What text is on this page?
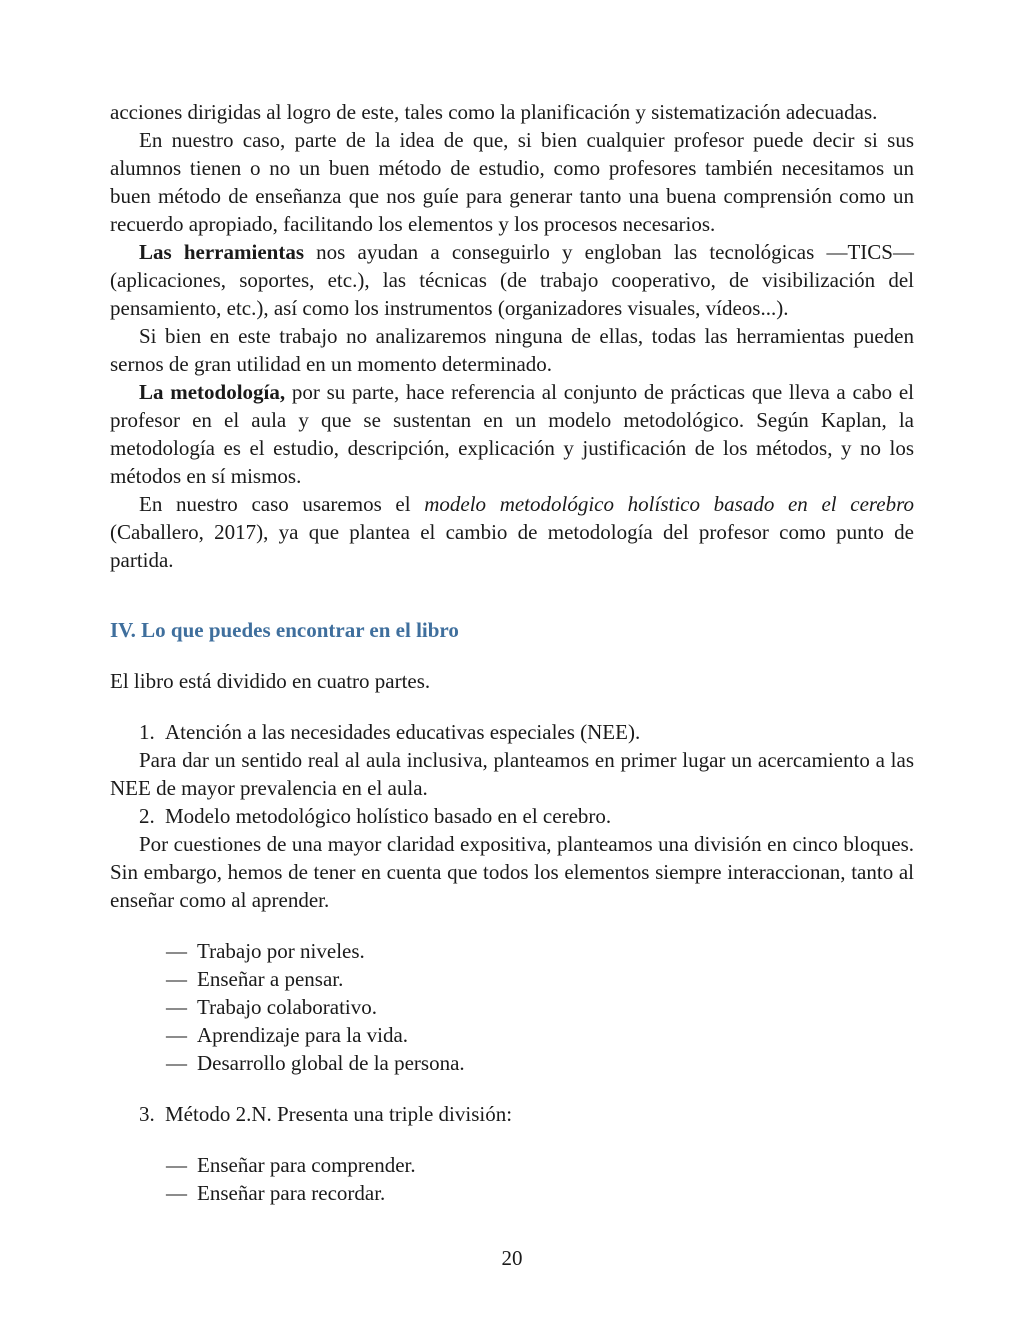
acciones dirigidas al logro de este, tales como la planificación y sistematización adecuadas.

En nuestro caso, parte de la idea de que, si bien cualquier profesor puede decir si sus alumnos tienen o no un buen método de estudio, como profesores también necesitamos un buen método de enseñanza que nos guíe para generar tanto una buena comprensión como un recuerdo apropiado, facilitando los elementos y los procesos necesarios.

Las herramientas nos ayudan a conseguirlo y engloban las tecnológicas —TICS— (aplicaciones, soportes, etc.), las técnicas (de trabajo cooperativo, de visibilización del pensamiento, etc.), así como los instrumentos (organizadores visuales, vídeos...).

Si bien en este trabajo no analizaremos ninguna de ellas, todas las herramientas pueden sernos de gran utilidad en un momento determinado.

La metodología, por su parte, hace referencia al conjunto de prácticas que lleva a cabo el profesor en el aula y que se sustentan en un modelo metodológico. Según Kaplan, la metodología es el estudio, descripción, explicación y justificación de los métodos, y no los métodos en sí mismos.

En nuestro caso usaremos el modelo metodológico holístico basado en el cerebro (Caballero, 2017), ya que plantea el cambio de metodología del profesor como punto de partida.

IV. Lo que puedes encontrar en el libro

El libro está dividido en cuatro partes.

1. Atención a las necesidades educativas especiales (NEE).

Para dar un sentido real al aula inclusiva, planteamos en primer lugar un acercamiento a las NEE de mayor prevalencia en el aula.

2. Modelo metodológico holístico basado en el cerebro.

Por cuestiones de una mayor claridad expositiva, planteamos una división en cinco bloques. Sin embargo, hemos de tener en cuenta que todos los elementos siempre interaccionan, tanto al enseñar como al aprender.

— Trabajo por niveles.
— Enseñar a pensar.
— Trabajo colaborativo.
— Aprendizaje para la vida.
— Desarrollo global de la persona.
3. Método 2.N. Presenta una triple división:
— Enseñar para comprender.
— Enseñar para recordar.
20
